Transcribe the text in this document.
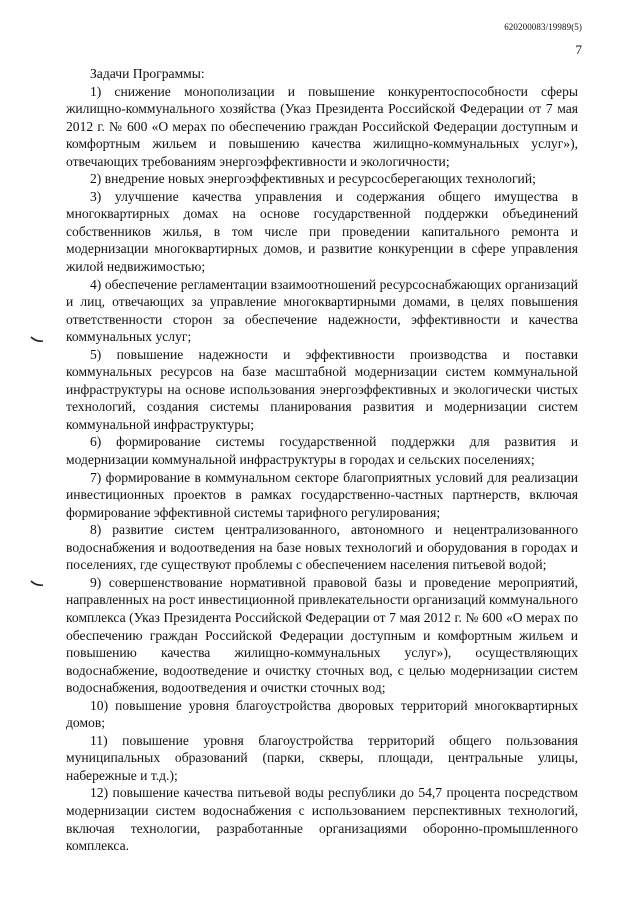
620200083/19989(5)
7

Задачи Программы:

1) снижение монополизации и повышение конкурентоспособности сферы жилищно-коммунального хозяйства (Указ Президента Российской Федерации от 7 мая 2012 г. № 600 «О мерах по обеспечению граждан Российской Федерации доступным и комфортным жильем и повышению качества жилищно-коммунальных услуг»), отвечающих требованиям энергоэффективности и экологичности;

2) внедрение новых энергоэффективных и ресурсосберегающих технологий;

3) улучшение качества управления и содержания общего имущества в многоквартирных домах на основе государственной поддержки объединений собственников жилья, в том числе при проведении капитального ремонта и модернизации многоквартирных домов, и развитие конкуренции в сфере управления жилой недвижимостью;

4) обеспечение регламентации взаимоотношений ресурсоснабжающих организаций и лиц, отвечающих за управление многоквартирными домами, в целях повышения ответственности сторон за обеспечение надежности, эффективности и качества коммунальных услуг;

5) повышение надежности и эффективности производства и поставки коммунальных ресурсов на базе масштабной модернизации систем коммунальной инфраструктуры на основе использования энергоэффективных и экологически чистых технологий, создания системы планирования развития и модернизации систем коммунальной инфраструктуры;

6) формирование системы государственной поддержки для развития и модернизации коммунальной инфраструктуры в городах и сельских поселениях;

7) формирование в коммунальном секторе благоприятных условий для реализации инвестиционных проектов в рамках государственно-частных партнерств, включая формирование эффективной системы тарифного регулирования;

8) развитие систем централизованного, автономного и нецентрализованного водоснабжения и водоотведения на базе новых технологий и оборудования в городах и поселениях, где существуют проблемы с обеспечением населения питьевой водой;

9) совершенствование нормативной правовой базы и проведение мероприятий, направленных на рост инвестиционной привлекательности организаций коммунального комплекса (Указ Президента Российской Федерации от 7 мая 2012 г. № 600 «О мерах по обеспечению граждан Российской Федерации доступным и комфортным жильем и повышению качества жилищно-коммунальных услуг»), осуществляющих водоснабжение, водоотведение и очистку сточных вод, с целью модернизации систем водоснабжения, водоотведения и очистки сточных вод;

10) повышение уровня благоустройства дворовых территорий многоквартирных домов;

11) повышение уровня благоустройства территорий общего пользования муниципальных образований (парки, скверы, площади, центральные улицы, набережные и т.д.);

12) повышение качества питьевой воды республики до 54,7 процента посредством модернизации систем водоснабжения с использованием перспективных технологий, включая технологии, разработанные организациями оборонно-промышленного комплекса.
